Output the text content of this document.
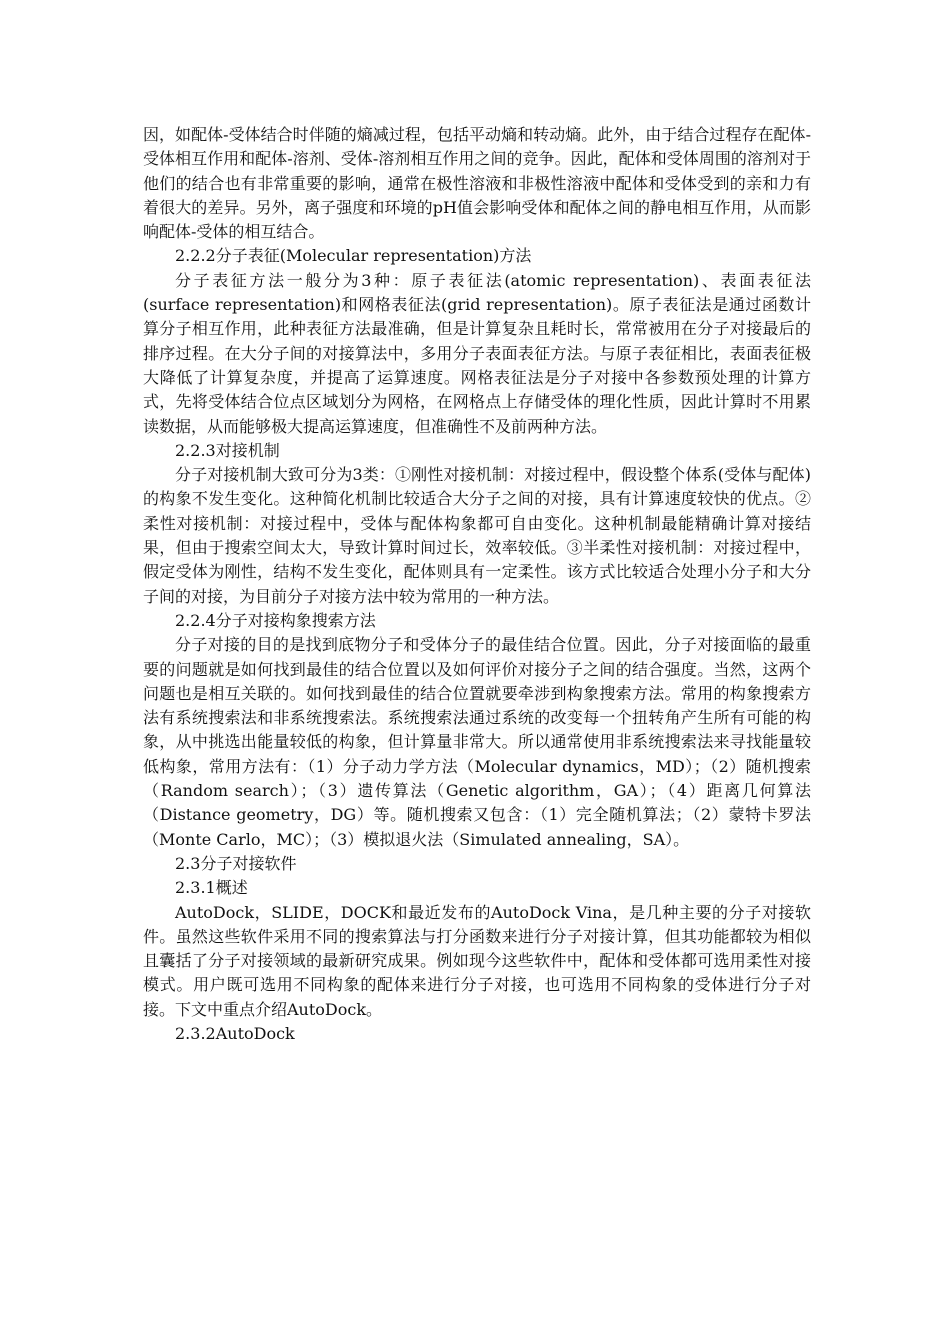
因，如配体-受体结合时伴随的熵减过程，包括平动熵和转动熵。此外，由于结合过程存在配体-受体相互作用和配体-溶剂、受体-溶剂相互作用之间的竞争。因此，配体和受体周围的溶剂对于他们的结合也有非常重要的影响，通常在极性溶液和非极性溶液中配体和受体受到的亲和力有着很大的差异。另外，离子强度和环境的pH值会影响受体和配体之间的静电相互作用，从而影响配体-受体的相互结合。

2.2.2分子表征(Molecular representation)方法

分子表征方法一般分为3种：原子表征法(atomic representation)、表面表征法(surface representation)和网格表征法(grid representation)。原子表征法是通过函数计算分子相互作用，此种表征方法最准确，但是计算复杂且耗时长，常常被用在分子对接最后的排序过程。在大分子间的对接算法中，多用分子表面表征方法。与原子表征相比，表面表征极大降低了计算复杂度，并提高了运算速度。网格表征法是分子对接中各参数预处理的计算方式，先将受体结合位点区域划分为网格，在网格点上存储受体的理化性质，因此计算时不用累读数据，从而能够极大提高运算速度，但准确性不及前两种方法。

2.2.3对接机制

分子对接机制大致可分为3类：①刚性对接机制：对接过程中，假设整个体系(受体与配体)的构象不发生变化。这种简化机制比较适合大分子之间的对接，具有计算速度较快的优点。②柔性对接机制：对接过程中，受体与配体构象都可自由变化。这种机制最能精确计算对接结果，但由于搜索空间太大，导致计算时间过长，效率较低。③半柔性对接机制：对接过程中，假定受体为刚性，结构不发生变化，配体则具有一定柔性。该方式比较适合处理小分子和大分子间的对接，为目前分子对接方法中较为常用的一种方法。

2.2.4分子对接构象搜索方法

分子对接的目的是找到底物分子和受体分子的最佳结合位置。因此，分子对接面临的最重要的问题就是如何找到最佳的结合位置以及如何评价对接分子之间的结合强度。当然，这两个问题也是相互关联的。如何找到最佳的结合位置就要牵涉到构象搜索方法。常用的构象搜索方法有系统搜索法和非系统搜索法。系统搜索法通过系统的改变每一个扭转角产生所有可能的构象，从中挑选出能量较低的构象，但计算量非常大。所以通常使用非系统搜索法来寻找能量较低构象，常用方法有：（1）分子动力学方法（Molecular dynamics，MD）；（2）随机搜索（Random search）；（3）遗传算法（Genetic algorithm，GA）；（4）距离几何算法（Distance geometry，DG）等。随机搜索又包含：（1）完全随机算法；（2）蒙特卡罗法（Monte Carlo，MC）；（3）模拟退火法（Simulated annealing，SA）。

2.3分子对接软件

2.3.1概述

AutoDock，SLIDE，DOCK和最近发布的AutoDock Vina，是几种主要的分子对接软件。虽然这些软件采用不同的搜索算法与打分函数来进行分子对接计算，但其功能都较为相似且囊括了分子对接领域的最新研究成果。例如现今这些软件中，配体和受体都可选用柔性对接模式。用户既可选用不同构象的配体来进行分子对接，也可选用不同构象的受体进行分子对接。下文中重点介绍AutoDock。

2.3.2AutoDock
